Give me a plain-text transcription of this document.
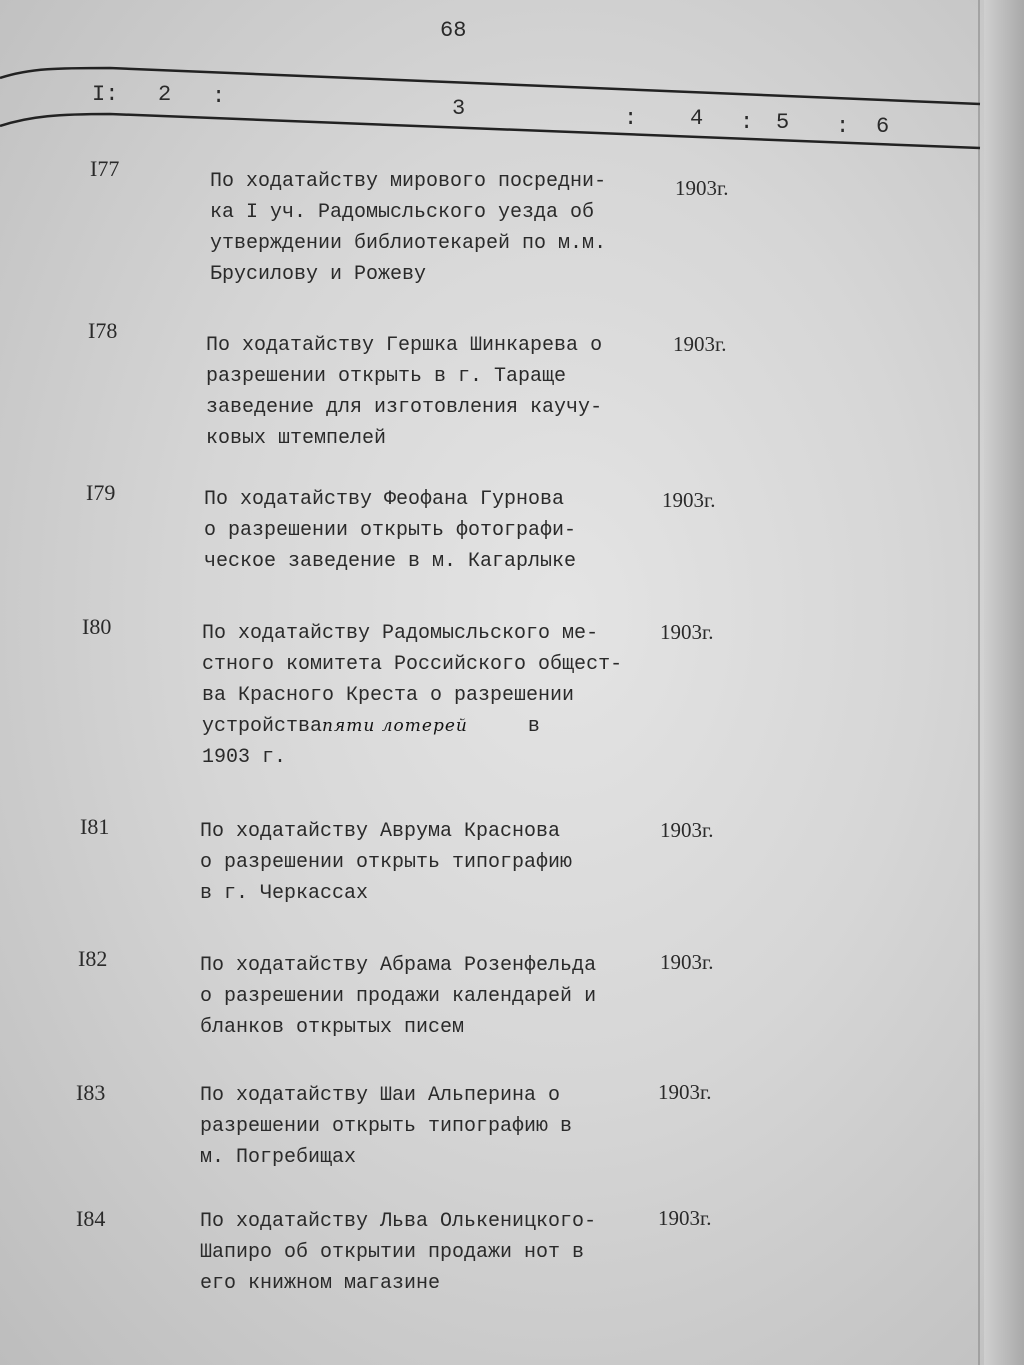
68
I: 2 :	3	: 4 : 5 : 6
I77
По ходатайству мирового посредни-
ка I уч. Радомысльского уезда об
утверждении библиотекарей по м.м.
Брусилову и Рожеву
1903г.
I78
По ходатайству Гершка Шинкарева о
разрешении открыть в г. Тараще
заведение для изготовления каучу-
ковых штемпелей
1903г.
I79	По ходатайству Феофана Гурнова
о разрешении открыть фотографи-
ческое заведение в м. Кагарлыке
1903г.
I80	По ходатайству Радомысльского ме-
стного комитета Российского общест-
ва Красного Креста о разрешении
устройствапяти лотерей	в
1903 г.
1903г.
I81	По ходатайству Аврума Краснова
о разрешении открыть типографию
в г. Черкассах
1903г.
I82	По ходатайству Абрама Розенфельда
о разрешении продажи календарей и
бланков открытых писем
1903г.
I83	По ходатайству Шаи Альперина о
разрешении открыть типографию в
м. Погребищах
1903г.
I84	По ходатайству Льва Олькеницкого-
Шапиро об открытии продажи нот в
его книжном магазине
1903г.
